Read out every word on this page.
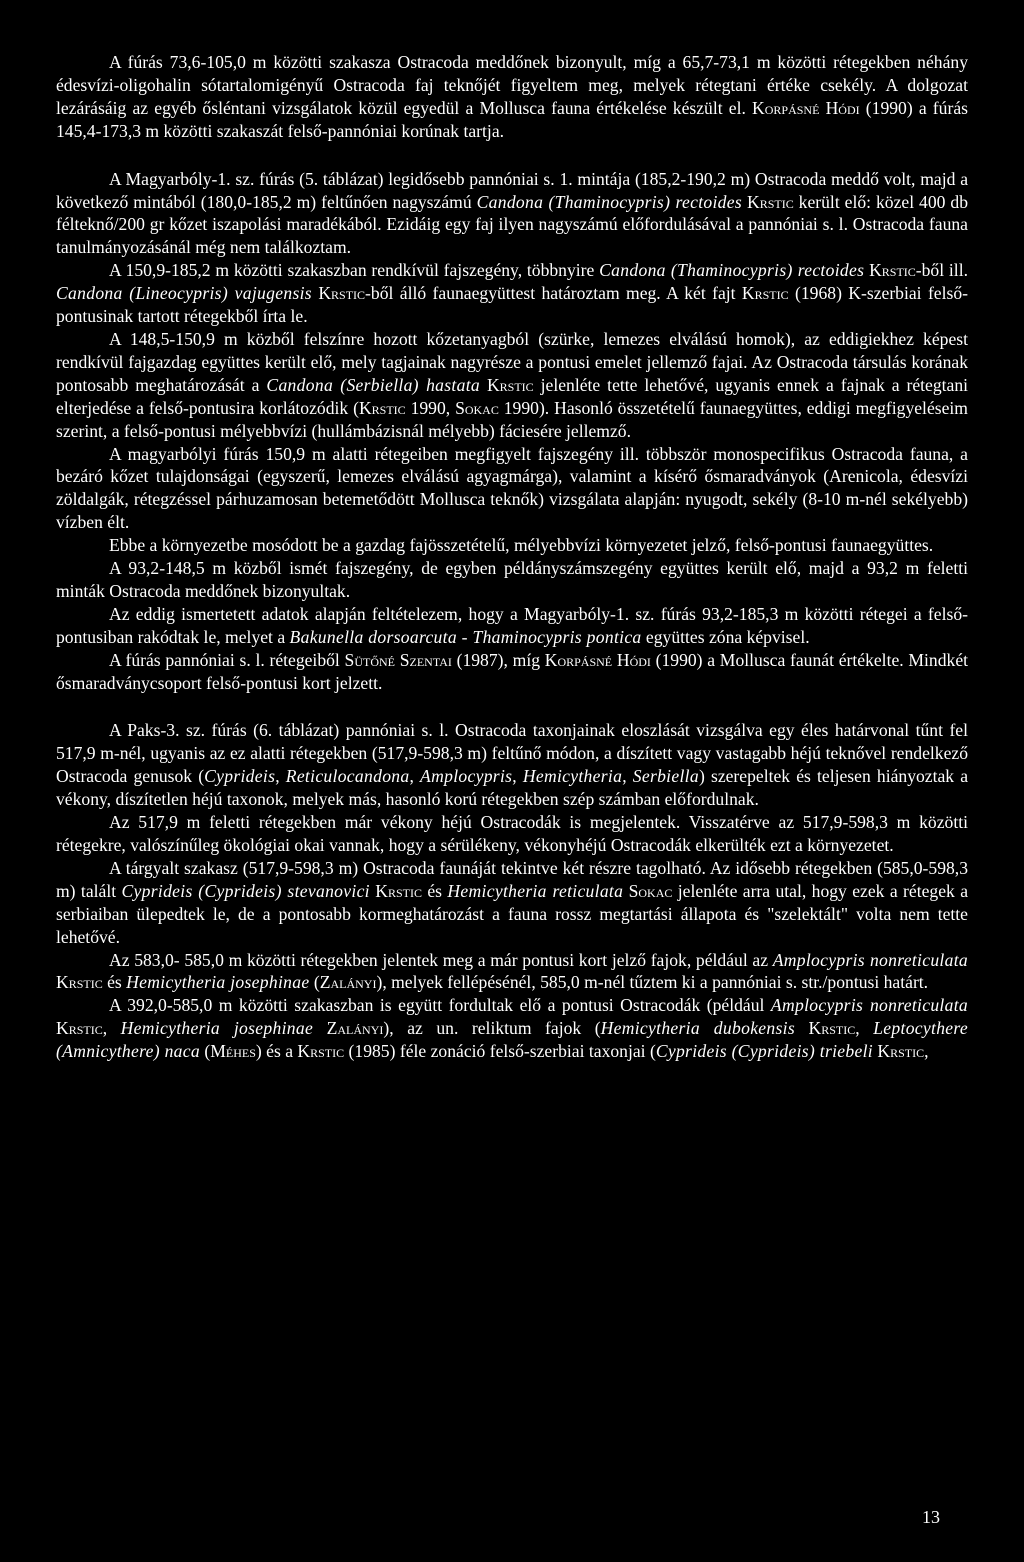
A fúrás 73,6-105,0 m közötti szakasza Ostracoda meddőnek bizonyult, míg a 65,7-73,1 m közötti rétegekben néhány édesvízi-oligohalin sótartalomigényű Ostracoda faj teknőjét figyeltem meg, melyek rétegtani értéke csekély. A dolgozat lezárásáig az egyéb ősléntani vizsgálatok közül egyedül a Mollusca fauna értékelése készült el. Korpásné Hódi (1990) a fúrás 145,4-173,3 m közötti szakaszát felső-pannóniai korúnak tartja.

A Magyarbóly-1. sz. fúrás (5. táblázat) legidősebb pannóniai s. 1. mintája (185,2-190,2 m) Ostracoda meddő volt, majd a következő mintából (180,0-185,2 m) feltűnően nagyszámú Candona (Thaminocypris) rectoides Krstic került elő: közel 400 db félteknő/200 gr kőzet iszapolási maradékából. Ezidáig egy faj ilyen nagyszámú előfordulásával a pannóniai s. l. Ostracoda fauna tanulmányozásánál még nem találkoztam.

A 150,9-185,2 m közötti szakaszban rendkívül fajszegény, többnyire Candona (Thaminocypris) rectoides Krstic-ből ill. Candona (Lineocypris) vajugensis Krstic-ből álló faunaegyüttest határoztam meg. A két fajt Krstic (1968) K-szerbiai felső-pontusinak tartott rétegekből írta le.

A 148,5-150,9 m közből felszínre hozott kőzetanyagból (szürke, lemezes elválású homok), az eddigiekhez képest rendkívül fajgazdag együttes került elő, mely tagjainak nagyrésze a pontusi emelet jellemző fajai. Az Ostracoda társulás korának pontosabb meghatározását a Candona (Serbiella) hastata Krstic jelenléte tette lehetővé, ugyanis ennek a fajnak a rétegtani elterjedése a felső-pontusira korlátozódik (Krstic 1990, Sokac 1990). Hasonló összetételű faunaegyüttes, eddigi megfigyeléseim szerint, a felső-pontusi mélyebbvízi (hullámbázisnál mélyebb) fáciesére jellemző.

A magyarbólyi fúrás 150,9 m alatti rétegeiben megfigyelt fajszegény ill. többször monospecifikus Ostracoda fauna, a bezáró kőzet tulajdonságai (egyszerű, lemezes elválású agyagmárga), valamint a kísérő ősmaradványok (Arenicola, édesvízi zöldalgák, rétegzéssel párhuzamosan betemetődött Mollusca teknők) vizsgálata alapján: nyugodt, sekély (8-10 m-nél sekélyebb) vízben élt.

Ebbe a környezetbe mosódott be a gazdag fajösszetételű, mélyebbvízi környezetet jelző, felső-pontusi faunaegyüttes.

A 93,2-148,5 m közből ismét fajszegény, de egyben példányszámszegény együttes került elő, majd a 93,2 m feletti minták Ostracoda meddőnek bizonyultak.

Az eddig ismertetett adatok alapján feltételezem, hogy a Magyarbóly-1. sz. fúrás 93,2-185,3 m közötti rétegei a felső-pontusiban rakódtak le, melyet a Bakunella dorsoarcuta - Thaminocypris pontica együttes zóna képvisel.

A fúrás pannóniai s. l. rétegeiből Sütőné Szentai (1987), míg Korpásné Hódi (1990) a Mollusca faunát értékelte. Mindkét ősmaradványcsoport felső-pontusi kort jelzett.

A Paks-3. sz. fúrás (6. táblázat) pannóniai s. l. Ostracoda taxonjainak eloszlását vizsgálva egy éles határvonal tűnt fel 517,9 m-nél, ugyanis az ez alatti rétegekben (517,9-598,3 m) feltűnő módon, a díszített vagy vastagabb héjú teknővel rendelkező Ostracoda genusok (Cyprideis, Reticulocandona, Amplocypris, Hemicytheria, Serbiella) szerepeltek és teljesen hiányoztak a vékony, díszítetlen héjú taxonok, melyek más, hasonló korú rétegekben szép számban előfordulnak.

Az 517,9 m feletti rétegekben már vékony héjú Ostracodák is megjelentek. Visszatérve az 517,9-598,3 m közötti rétegekre, valószínűleg ökológiai okai vannak, hogy a sérülékeny, vékonyhéjú Ostracodák elkerülték ezt a környezetet.

A tárgyalt szakasz (517,9-598,3 m) Ostracoda faunáját tekintve két részre tagolható. Az idősebb rétegekben (585,0-598,3 m) talált Cyprideis (Cyprideis) stevanovici Krstic és Hemicytheria reticulata Sokac jelenléte arra utal, hogy ezek a rétegek a serbiaiban ülepedtek le, de a pontosabb kormeghatározást a fauna rossz megtartási állapota és "szelektált" volta nem tette lehetővé.

Az 583,0- 585,0 m közötti rétegekben jelentek meg a már pontusi kort jelző fajok, például az Amplocypris nonreticulata Krstic és Hemicytheria josephinae (Zalányi), melyek fellépésénél, 585,0 m-nél tűztem ki a pannóniai s. str./pontusi határt.

A 392,0-585,0 m közötti szakaszban is együtt fordultak elő a pontusi Ostracodák (például Amplocypris nonreticulata Krstic, Hemicytheria josephinae Zalányi), az un. reliktum fajok (Hemicytheria dubokensis Krstic, Leptocythere (Amnicythere) naca (Méhes) és a Krstic (1985) féle zonáció felső-szerbiai taxonjai (Cyprideis (Cyprideis) triebeli Krstic,

13
